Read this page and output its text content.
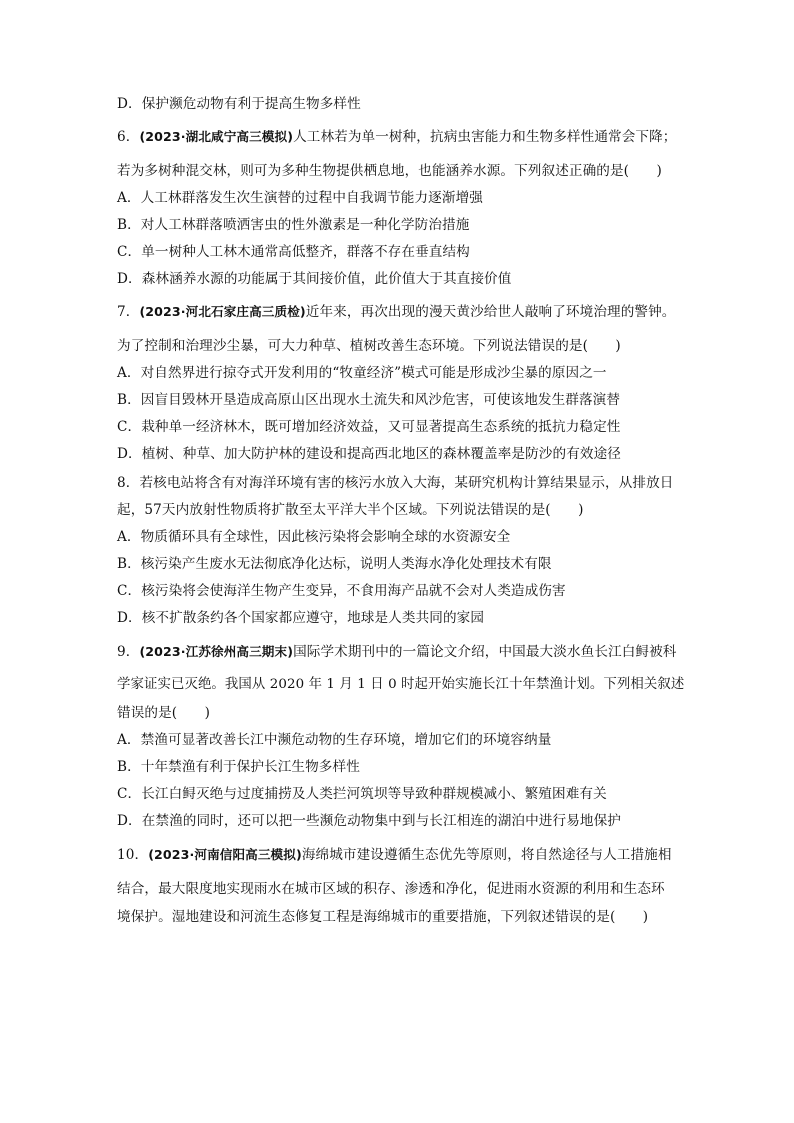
D．保护濒危动物有利于提高生物多样性
6．(2023·湖北咸宁高三模拟)人工林若为单一树种，抗病虫害能力和生物多样性通常会下降；
若为多树种混交林，则可为多种生物提供栖息地，也能涵养水源。下列叙述正确的是(　　)
A．人工林群落发生次生演替的过程中自我调节能力逐渐增强
B．对人工林群落喷洒害虫的性外激素是一种化学防治措施
C．单一树种人工林木通常高低整齐，群落不存在垂直结构
D．森林涵养水源的功能属于其间接价值，此价值大于其直接价值
7．(2023·河北石家庄高三质检)近年来，再次出现的漫天黄沙给世人敲响了环境治理的警钟。
为了控制和治理沙尘暴，可大力种草、植树改善生态环境。下列说法错误的是(　　)
A．对自然界进行掠夺式开发利用的“牧童经济”模式可能是形成沙尘暴的原因之一
B．因盲目毁林开垦造成高原山区出现水土流失和风沙危害，可使该地发生群落演替
C．栽种单一经济林木，既可增加经济效益，又可显著提高生态系统的抵抗力稳定性
D．植树、种草、加大防护林的建设和提高西北地区的森林覆盖率是防沙的有效途径
8．若核电站将含有对海洋环境有害的核污水放入大海，某研究机构计算结果显示，从排放日
起，57天内放射性物质将扩散至太平洋大半个区域。下列说法错误的是(　　)
A．物质循环具有全球性，因此核污染将会影响全球的水资源安全
B．核污染产生废水无法彻底净化达标，说明人类海水净化处理技术有限
C．核污染将会使海洋生物产生变异，不食用海产品就不会对人类造成伤害
D．核不扩散条约各个国家都应遵守，地球是人类共同的家园
9．(2023·江苏徐州高三期末)国际学术期刊中的一篇论文介绍，中国最大淡水鱼长江白鲟被科
学家证实已灭绝。我国从 2020 年 1 月 1 日 0 时起开始实施长江十年禁渔计划。下列相关叙述
错误的是(　　)
A．禁渔可显著改善长江中濒危动物的生存环境，增加它们的环境容纳量
B．十年禁渔有利于保护长江生物多样性
C．长江白鲟灭绝与过度捕捞及人类拦河筑坝等导致种群规模减小、繁殖困难有关
D．在禁渔的同时，还可以把一些濒危动物集中到与长江相连的湖泊中进行易地保护
10．(2023·河南信阳高三模拟)海绵城市建设遵循生态优先等原则，将自然途径与人工措施相
结合，最大限度地实现雨水在城市区域的积存、渗透和净化，促进雨水资源的利用和生态环
境保护。湿地建设和河流生态修复工程是海绵城市的重要措施，下列叙述错误的是(　　)
